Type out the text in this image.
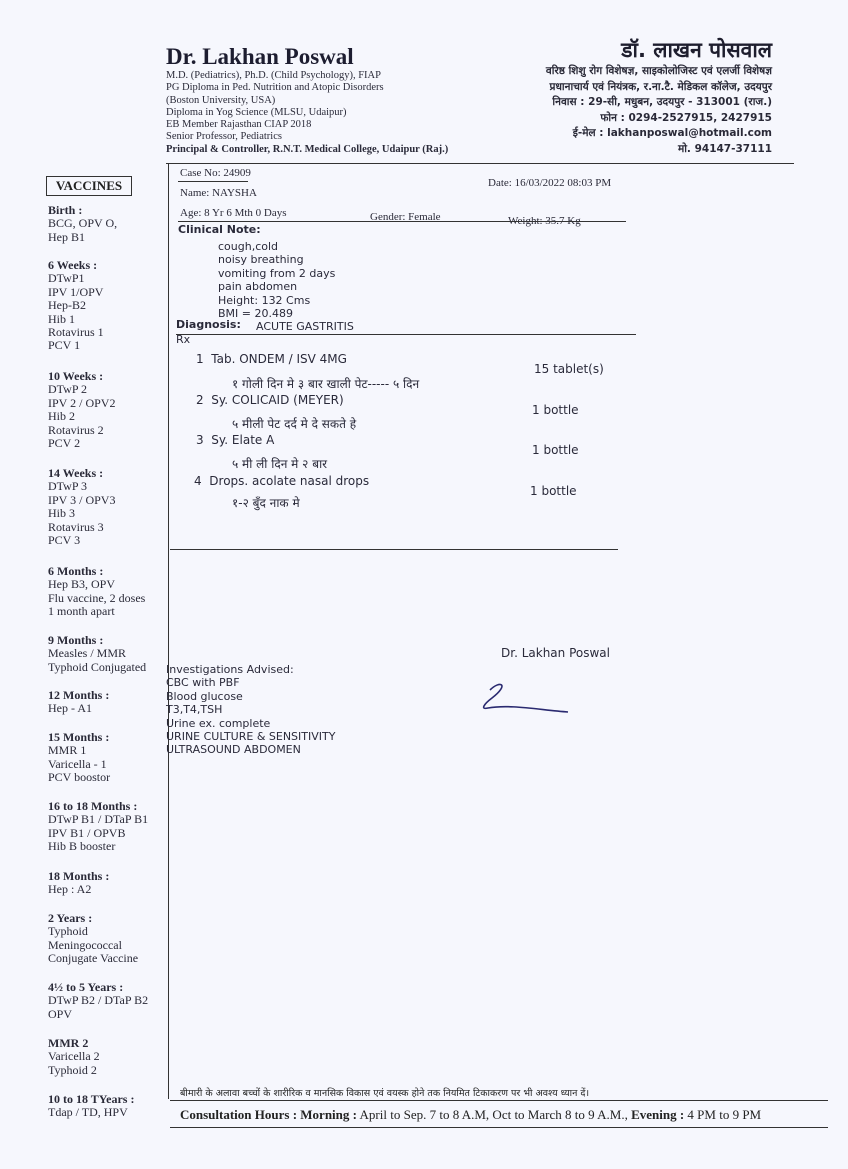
Dr. Lakhan Poswal
M.D. (Pediatrics), Ph.D. (Child Psychology), FIAP
PG Diploma in Ped. Nutrition and Atopic Disorders
(Boston University, USA)
Diploma in Yog Science (MLSU, Udaipur)
EB Member Rajasthan CIAP 2018
Senior Professor, Pediatrics
Principal & Controller, R.N.T. Medical College, Udaipur (Raj.)
डॉ. लाखन पोसवाल
वरिष्ठ शिशु रोग विशेषज्ञ, साइकोलोजिस्ट एवं एलर्जी विशेषज्ञ
प्रधानाचार्य एवं नियंत्रक, र.ना.टै. मेडिकल कॉलेज, उदयपुर
निवास : 29-सी, मधुबन, उदयपुर - 313001 (राज.)
फोन : 0294-2527915, 2427915
ई-मेल : lakhanposwal@hotmail.com
मो. 94147-37111
VACCINES
Birth :
BCG, OPV O,
Hep B1
6 Weeks :
DTwP1
IPV 1/OPV
Hep-B2
Hib 1
Rotavirus 1
PCV 1
10 Weeks :
DTwP 2
IPV 2 / OPV2
Hib 2
Rotavirus 2
PCV 2
14 Weeks :
DTwP 3
IPV 3 / OPV3
Hib 3
Rotavirus 3
PCV 3
6 Months :
Hep B3, OPV
Flu vaccine, 2 doses
1 month apart
9 Months :
Measles / MMR
Typhoid Conjugated
12 Months :
Hep - A1
15 Months :
MMR 1
Varicella - 1
PCV boostor
16 to 18 Months :
DTwP B1 / DTaP B1
IPV B1 / OPVB
Hib B booster
18 Months :
Hep : A2
2 Years :
Typhoid
Meningococcal
Conjugate Vaccine
4½ to 5 Years :
DTwP B2 / DTaP B2
OPV
MMR 2
Varicella 2
Typhoid 2
10 to 18 TYears :
Tdap / TD, HPV
Case No: 24909
Date: 16/03/2022 08:03 PM
Name: NAYSHA
Age: 8 Yr 6 Mth 0 Days	Gender: Female	Weight: 35.7 Kg
Clinical Note:
cough,cold
noisy breathing
vomiting from 2 days
pain abdomen
Height: 132 Cms
BMI = 20.489
Diagnosis: ACUTE GASTRITIS
Rx
1 Tab. ONDEM / ISV 4MG
१ गोली दिन मे ३ बार खाली पेट----- ५ दिन
15 tablet(s)
2 Sy. COLICAID (MEYER)
५ मीली पेट दर्द मे दे सकते हे
1 bottle
3 Sy. Elate A
५ मी ली दिन मे २ बार
1 bottle
4 Drops. acolate nasal drops
१-२ बुँद नाक मे
1 bottle
Dr. Lakhan Poswal
Investigations Advised:
CBC with PBF
Blood glucose
T3,T4,TSH
Urine ex. complete
URINE CULTURE & SENSITIVITY
ULTRASOUND ABDOMEN
बीमारी के अलावा बच्चों के शारीरिक व मानसिक विकास एवं वयस्क होने तक नियमित टिकाकरण पर भी अवश्य ध्यान दें।
Consultation Hours : Morning : April to Sep. 7 to 8 A.M, Oct to March 8 to 9 A.M., Evening : 4 PM to 9 PM
